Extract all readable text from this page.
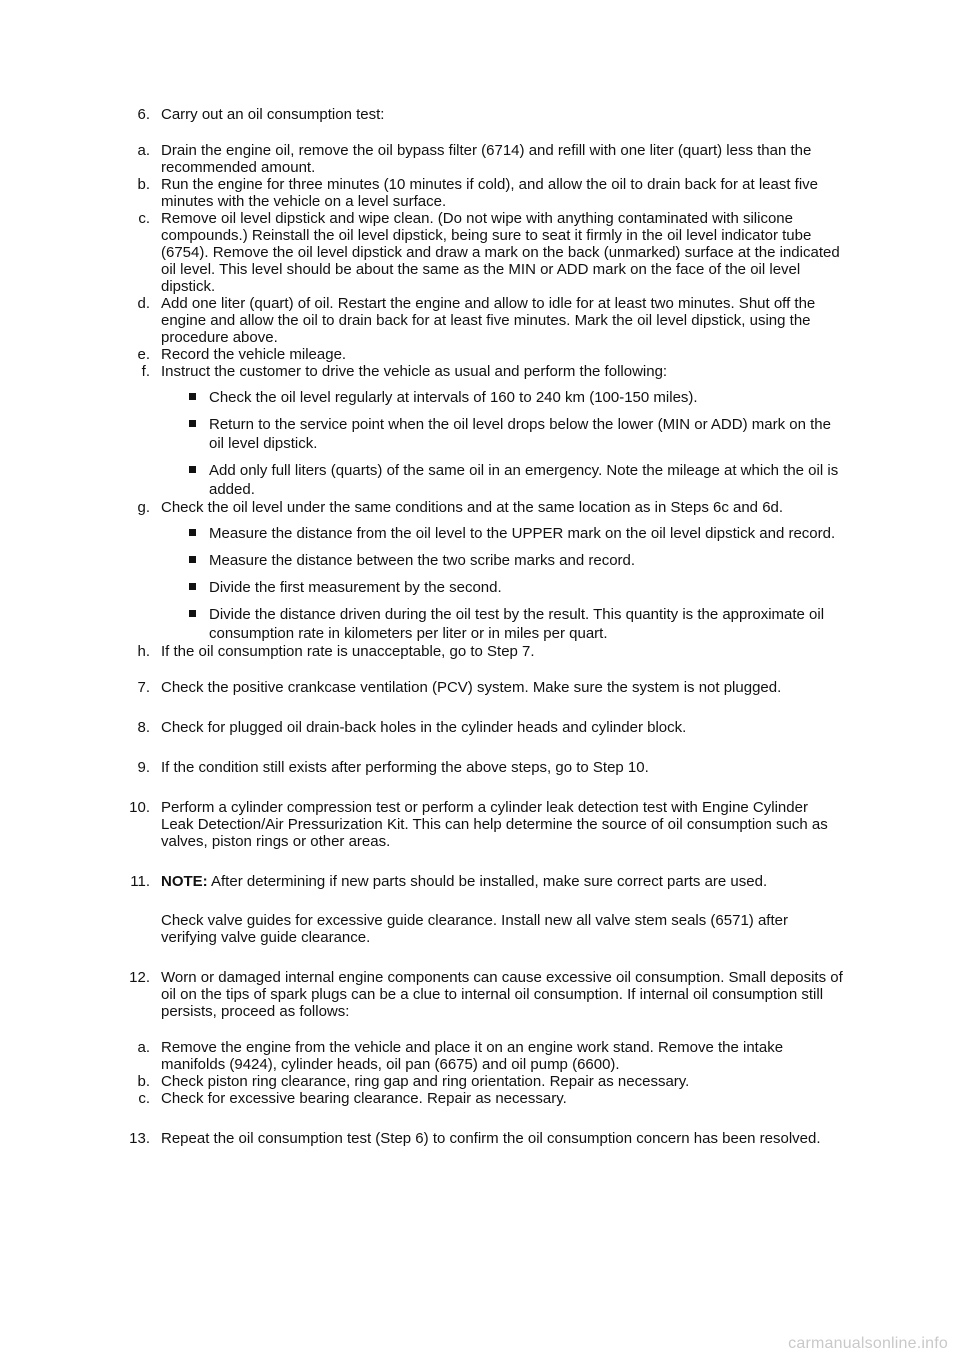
6. Carry out an oil consumption test:
a. Drain the engine oil, remove the oil bypass filter (6714) and refill with one liter (quart) less than the recommended amount.
b. Run the engine for three minutes (10 minutes if cold), and allow the oil to drain back for at least five minutes with the vehicle on a level surface.
c. Remove oil level dipstick and wipe clean. (Do not wipe with anything contaminated with silicone compounds.) Reinstall the oil level dipstick, being sure to seat it firmly in the oil level indicator tube (6754). Remove the oil level dipstick and draw a mark on the back (unmarked) surface at the indicated oil level. This level should be about the same as the MIN or ADD mark on the face of the oil level dipstick.
d. Add one liter (quart) of oil. Restart the engine and allow to idle for at least two minutes. Shut off the engine and allow the oil to drain back for at least five minutes. Mark the oil level dipstick, using the procedure above.
e. Record the vehicle mileage.
f. Instruct the customer to drive the vehicle as usual and perform the following:
Check the oil level regularly at intervals of 160 to 240 km (100-150 miles).
Return to the service point when the oil level drops below the lower (MIN or ADD) mark on the oil level dipstick.
Add only full liters (quarts) of the same oil in an emergency. Note the mileage at which the oil is added.
g. Check the oil level under the same conditions and at the same location as in Steps 6c and 6d.
Measure the distance from the oil level to the UPPER mark on the oil level dipstick and record.
Measure the distance between the two scribe marks and record.
Divide the first measurement by the second.
Divide the distance driven during the oil test by the result. This quantity is the approximate oil consumption rate in kilometers per liter or in miles per quart.
h. If the oil consumption rate is unacceptable, go to Step 7.
7. Check the positive crankcase ventilation (PCV) system. Make sure the system is not plugged.
8. Check for plugged oil drain-back holes in the cylinder heads and cylinder block.
9. If the condition still exists after performing the above steps, go to Step 10.
10. Perform a cylinder compression test or perform a cylinder leak detection test with Engine Cylinder Leak Detection/Air Pressurization Kit. This can help determine the source of oil consumption such as valves, piston rings or other areas.
11. NOTE: After determining if new parts should be installed, make sure correct parts are used.
Check valve guides for excessive guide clearance. Install new all valve stem seals (6571) after verifying valve guide clearance.
12. Worn or damaged internal engine components can cause excessive oil consumption. Small deposits of oil on the tips of spark plugs can be a clue to internal oil consumption. If internal oil consumption still persists, proceed as follows:
a. Remove the engine from the vehicle and place it on an engine work stand. Remove the intake manifolds (9424), cylinder heads, oil pan (6675) and oil pump (6600).
b. Check piston ring clearance, ring gap and ring orientation. Repair as necessary.
c. Check for excessive bearing clearance. Repair as necessary.
13. Repeat the oil consumption test (Step 6) to confirm the oil consumption concern has been resolved.
carmanualsonline.info
